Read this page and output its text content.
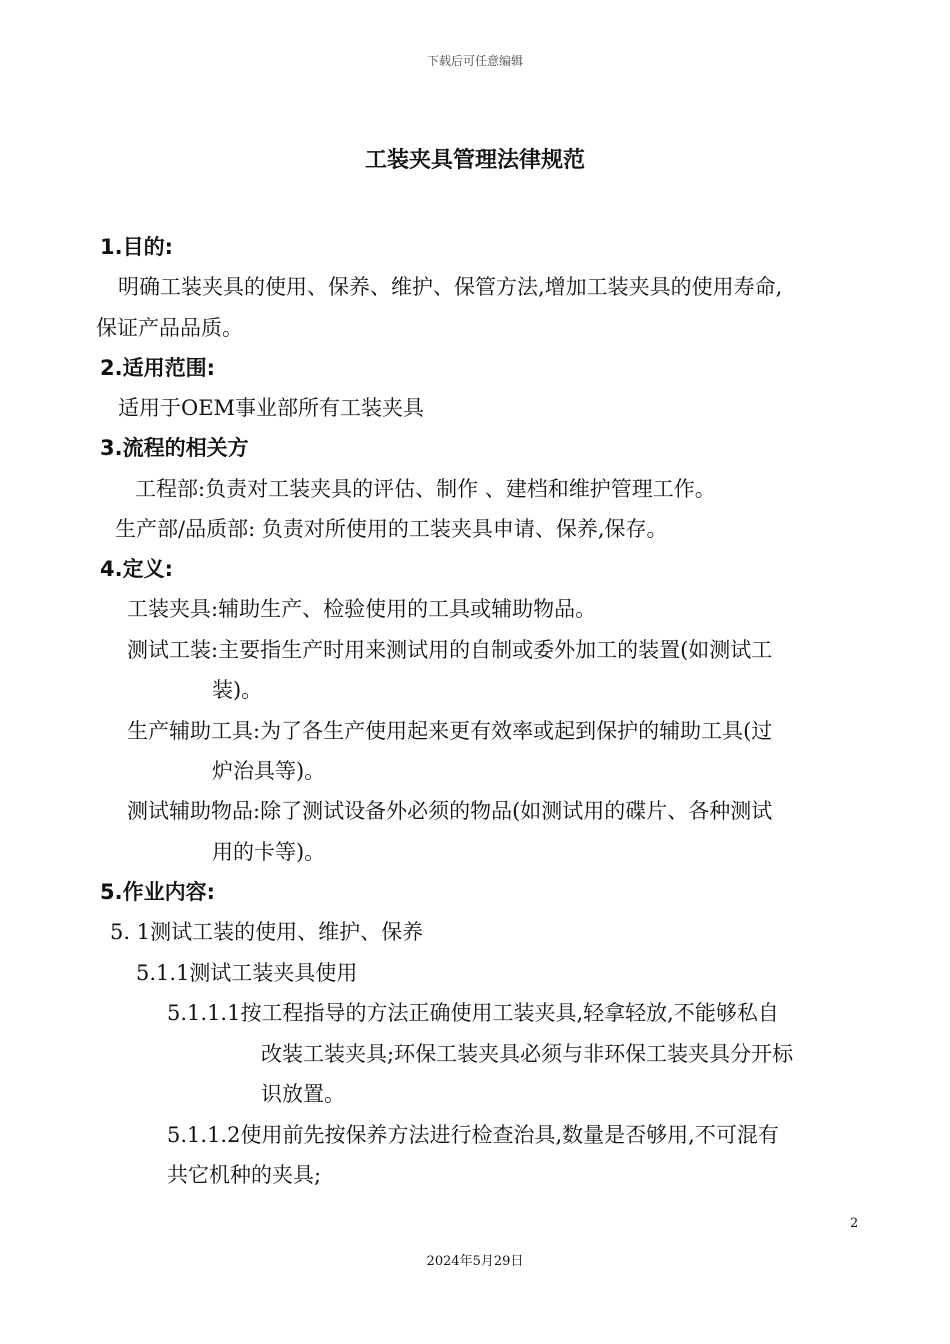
下载后可任意编辑
工装夹具管理法律规范

1.目的:

明确工装夹具的使用、保养、维护、保管方法,增加工装夹具的使用寿命,

保证产品品质。

2.适用范围:

适用于OEM事业部所有工装夹具

3.流程的相关方

工程部:负责对工装夹具的评估、制作 、建档和维护管理工作。

生产部/品质部: 负责对所使用的工装夹具申请、保养,保存。

4.定义:

工装夹具:辅助生产、检验使用的工具或辅助物品。

测试工装:主要指生产时用来测试用的自制或委外加工的装置(如测试工

装)。

生产辅助工具:为了各生产使用起来更有效率或起到保护的辅助工具(过

炉治具等)。

测试辅助物品:除了测试设备外必须的物品(如测试用的碟片、各种测试

用的卡等)。

5.作业内容:

5. 1测试工装的使用、维护、保养

5.1.1测试工装夹具使用

5.1.1.1按工程指导的方法正确使用工装夹具,轻拿轻放,不能够私自

改装工装夹具;环保工装夹具必须与非环保工装夹具分开标

识放置。

5.1.1.2使用前先按保养方法进行检查治具,数量是否够用,不可混有

共它机种的夹具;

2
2024年5月29日
